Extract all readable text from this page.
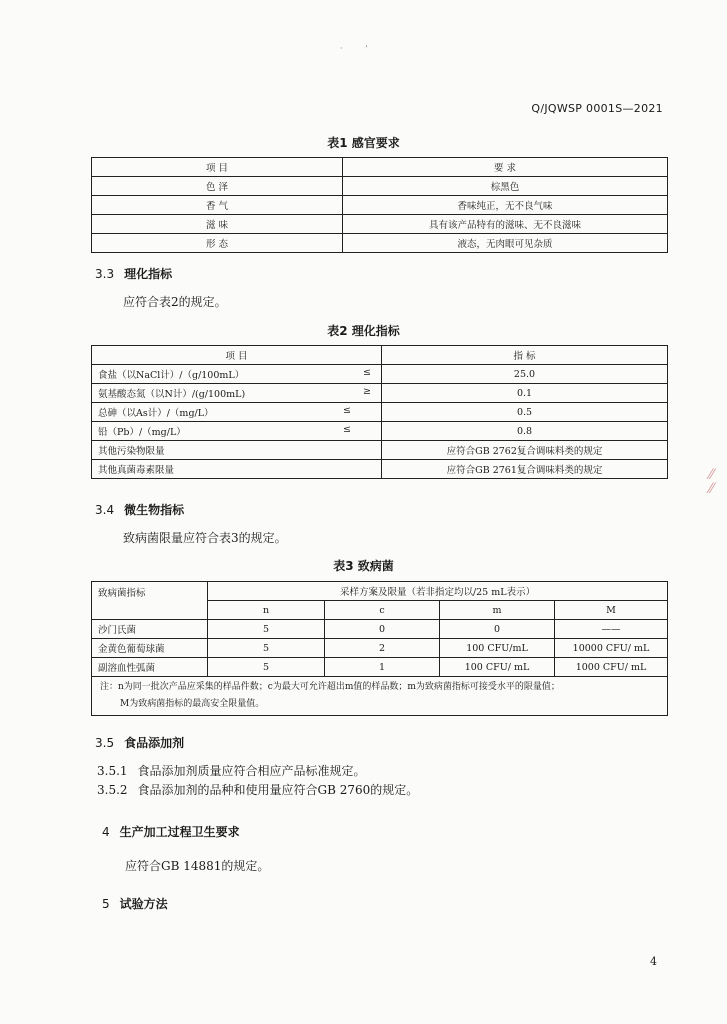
·         '
Q/JQWSP 0001S—2021
表1 感官要求
项 目	要 求
色 泽	棕黑色
香 气	香味纯正，无不良气味
滋 味	具有该产品特有的滋味、无不良滋味
形 态	液态，无肉眼可见杂质
3.3 理化指标
应符合表2的规定。
表2 理化指标
项 目	指 标
食盐（以NaCl计）/（g/100mL） ≤	25.0
氨基酸态氮（以N计）/(g/100mL) ≥	0.1
总砷（以As计）/（mg/L） ≤	0.5
铅（Pb）/（mg/L） ≤	0.8
其他污染物限量	应符合GB 2762复合调味料类的规定
其他真菌毒素限量	应符合GB 2761复合调味料类的规定
3.4 微生物指标
致病菌限量应符合表3的规定。
表3 致病菌
致病菌指标	采样方案及限量（若非指定均以/25 mL表示）			
	n	c	m	M
沙门氏菌	5	0	0	——
金黄色葡萄球菌	5	2	100 CFU/mL	10000 CFU/ mL
副溶血性弧菌	5	1	100 CFU/ mL	1000 CFU/ mL

注：n为同一批次产品应采集的样品件数；c为最大可允许超出m值的样品数；m为致病菌指标可接受水平的限量值；
M为致病菌指标的最高安全限量值。				
3.5 食品添加剂
3.5.1 食品添加剂质量应符合相应产品标准规定。
3.5.2 食品添加剂的品种和使用量应符合GB 2760的规定。
4 生产加工过程卫生要求
应符合GB 14881的规定。
5 试验方法
4
⁄⁄
⁄⁄
